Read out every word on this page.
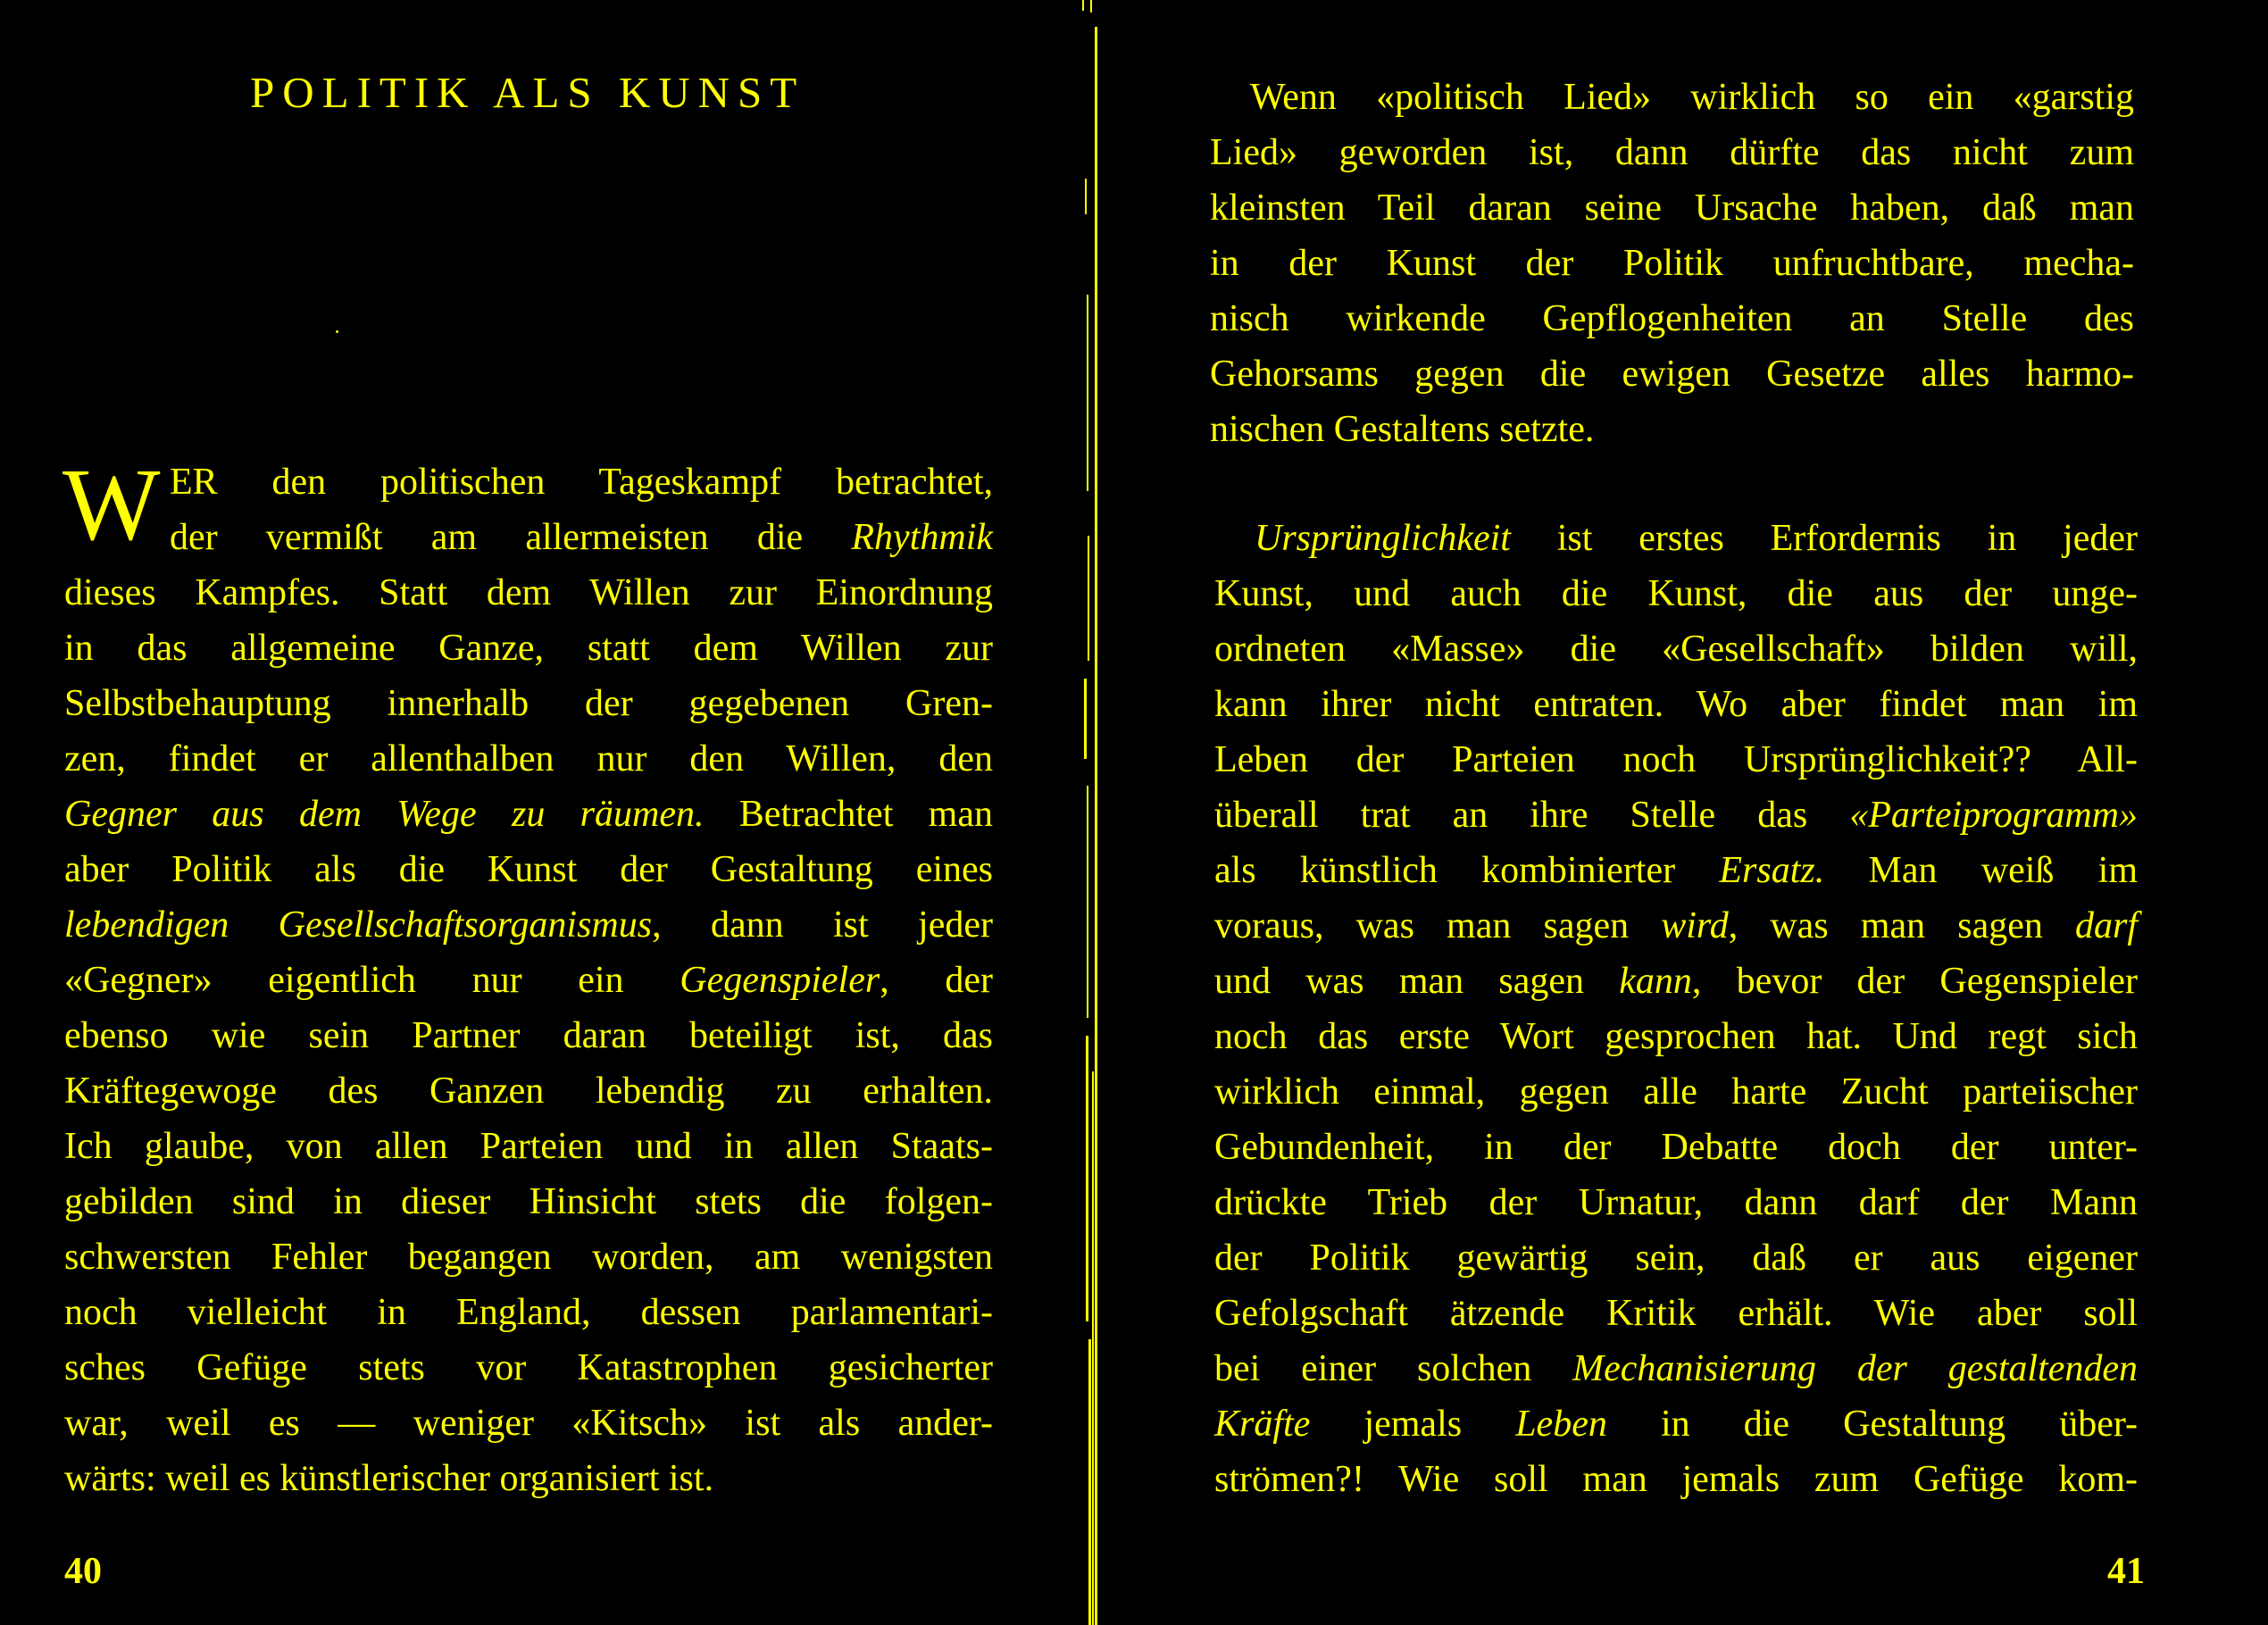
POLITIK ALS KUNST
W ER den politischen Tageskampf betrachtet,
der vermißt am allermeisten die Rhythmik
dieses Kampfes. Statt dem Willen zur Einordnung
in das allgemeine Ganze, statt dem Willen zur
Selbstbehauptung innerhalb der gegebenen Gren-
zen, findet er allenthalben nur den Willen, den
Gegner aus dem Wege zu räumen. Betrachtet man
aber Politik als die Kunst der Gestaltung eines
lebendigen Gesellschaftsorganismus, dann ist jeder
«Gegner» eigentlich nur ein Gegenspieler, der
ebenso wie sein Partner daran beteiligt ist, das
Kräftegewoge des Ganzen lebendig zu erhalten.
Ich glaube, von allen Parteien und in allen Staats-
gebilden sind in dieser Hinsicht stets die folgen-
schwersten Fehler begangen worden, am wenigsten
noch vielleicht in England, dessen parlamentari-
sches Gefüge stets vor Katastrophen gesicherter
war, weil es — weniger «Kitsch» ist als ander-
wärts: weil es künstlerischer organisiert ist.
40
Wenn «politisch Lied» wirklich so ein «garstig
Lied» geworden ist, dann dürfte das nicht zum
kleinsten Teil daran seine Ursache haben, daß man
in der Kunst der Politik unfruchtbare, mecha-
nisch wirkende Gepflogenheiten an Stelle des
Gehorsams gegen die ewigen Gesetze alles harmo-
nischen Gestaltens setzte.
Ursprünglichkeit ist erstes Erfordernis in jeder
Kunst, und auch die Kunst, die aus der unge-
ordneten «Masse» die «Gesellschaft» bilden will,
kann ihrer nicht entraten. Wo aber findet man im
Leben der Parteien noch Ursprünglichkeit?? All-
überall trat an ihre Stelle das «Parteiprogramm»
als künstlich kombinierter Ersatz. Man weiß im
voraus, was man sagen wird, was man sagen darf
und was man sagen kann, bevor der Gegenspieler
noch das erste Wort gesprochen hat. Und regt sich
wirklich einmal, gegen alle harte Zucht parteiischer
Gebundenheit, in der Debatte doch der unter-
drückte Trieb der Urnatur, dann darf der Mann
der Politik gewärtig sein, daß er aus eigener
Gefolgschaft ätzende Kritik erhält. Wie aber soll
bei einer solchen Mechanisierung der gestaltenden
Kräfte jemals Leben in die Gestaltung über-
strömen?! Wie soll man jemals zum Gefüge kom-
41
